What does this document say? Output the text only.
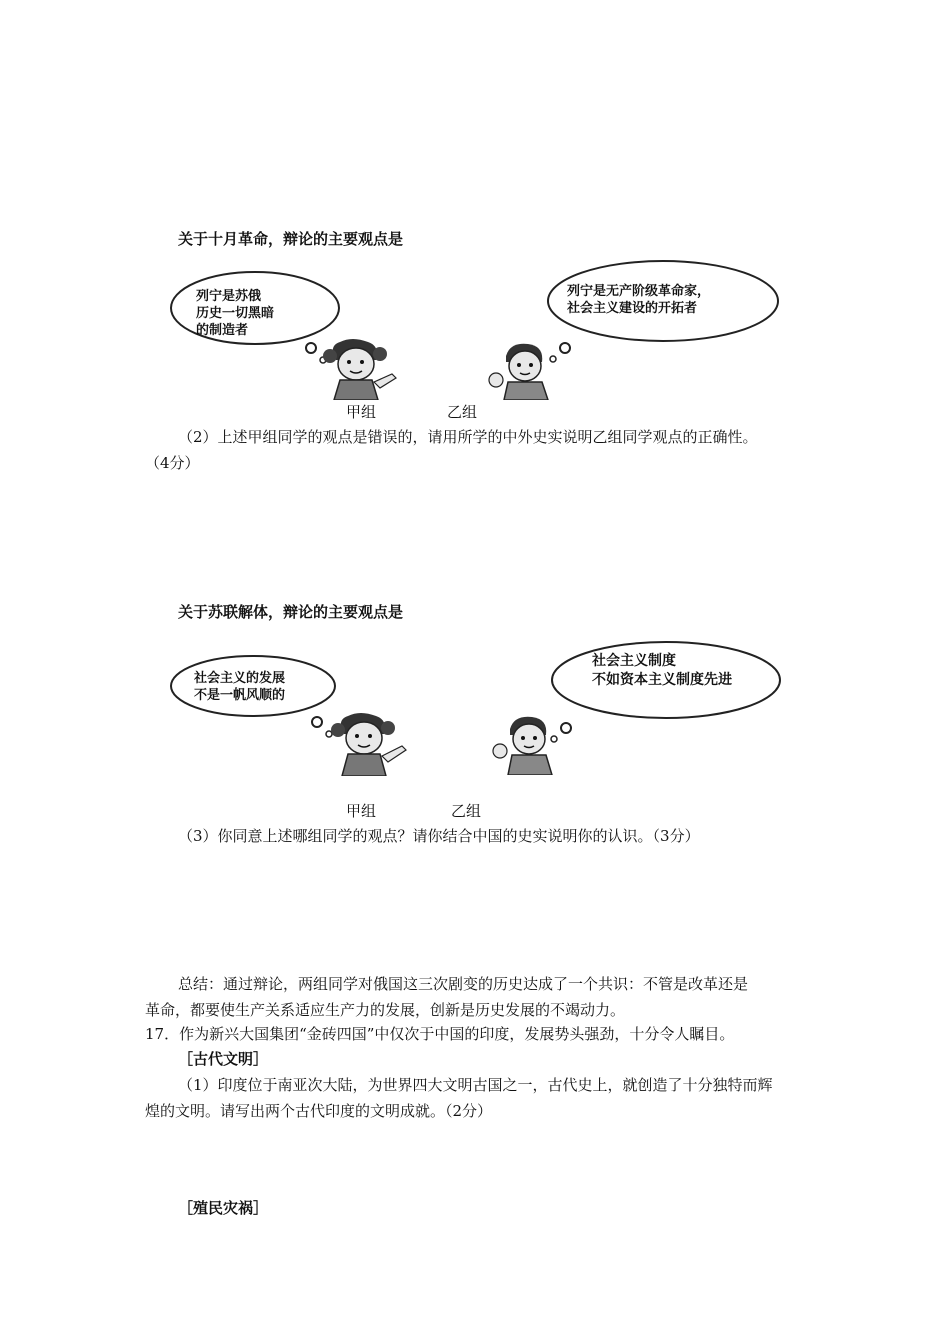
关于十月革命，辩论的主要观点是
列宁是苏俄
历史一切黑暗
的制造者
列宁是无产阶级革命家，
社会主义建设的开拓者
甲组	乙组
（2）上述甲组同学的观点是错误的，请用所学的中外史实说明乙组同学观点的正确性。
（4分）
关于苏联解体，辩论的主要观点是
社会主义的发展
不是一帆风顺的
社会主义制度
不如资本主义制度先进
甲组	乙组
（3）你同意上述哪组同学的观点？请你结合中国的史实说明你的认识。（3分）
总结：通过辩论，两组同学对俄国这三次剧变的历史达成了一个共识：不管是改革还是
革命，都要使生产关系适应生产力的发展，创新是历史发展的不竭动力。
17．作为新兴大国集团“金砖四国”中仅次于中国的印度，发展势头强劲，十分令人瞩目。
［古代文明］
（1）印度位于南亚次大陆，为世界四大文明古国之一，古代史上，就创造了十分独特而辉
煌的文明。请写出两个古代印度的文明成就。（2分）
［殖民灾祸］
